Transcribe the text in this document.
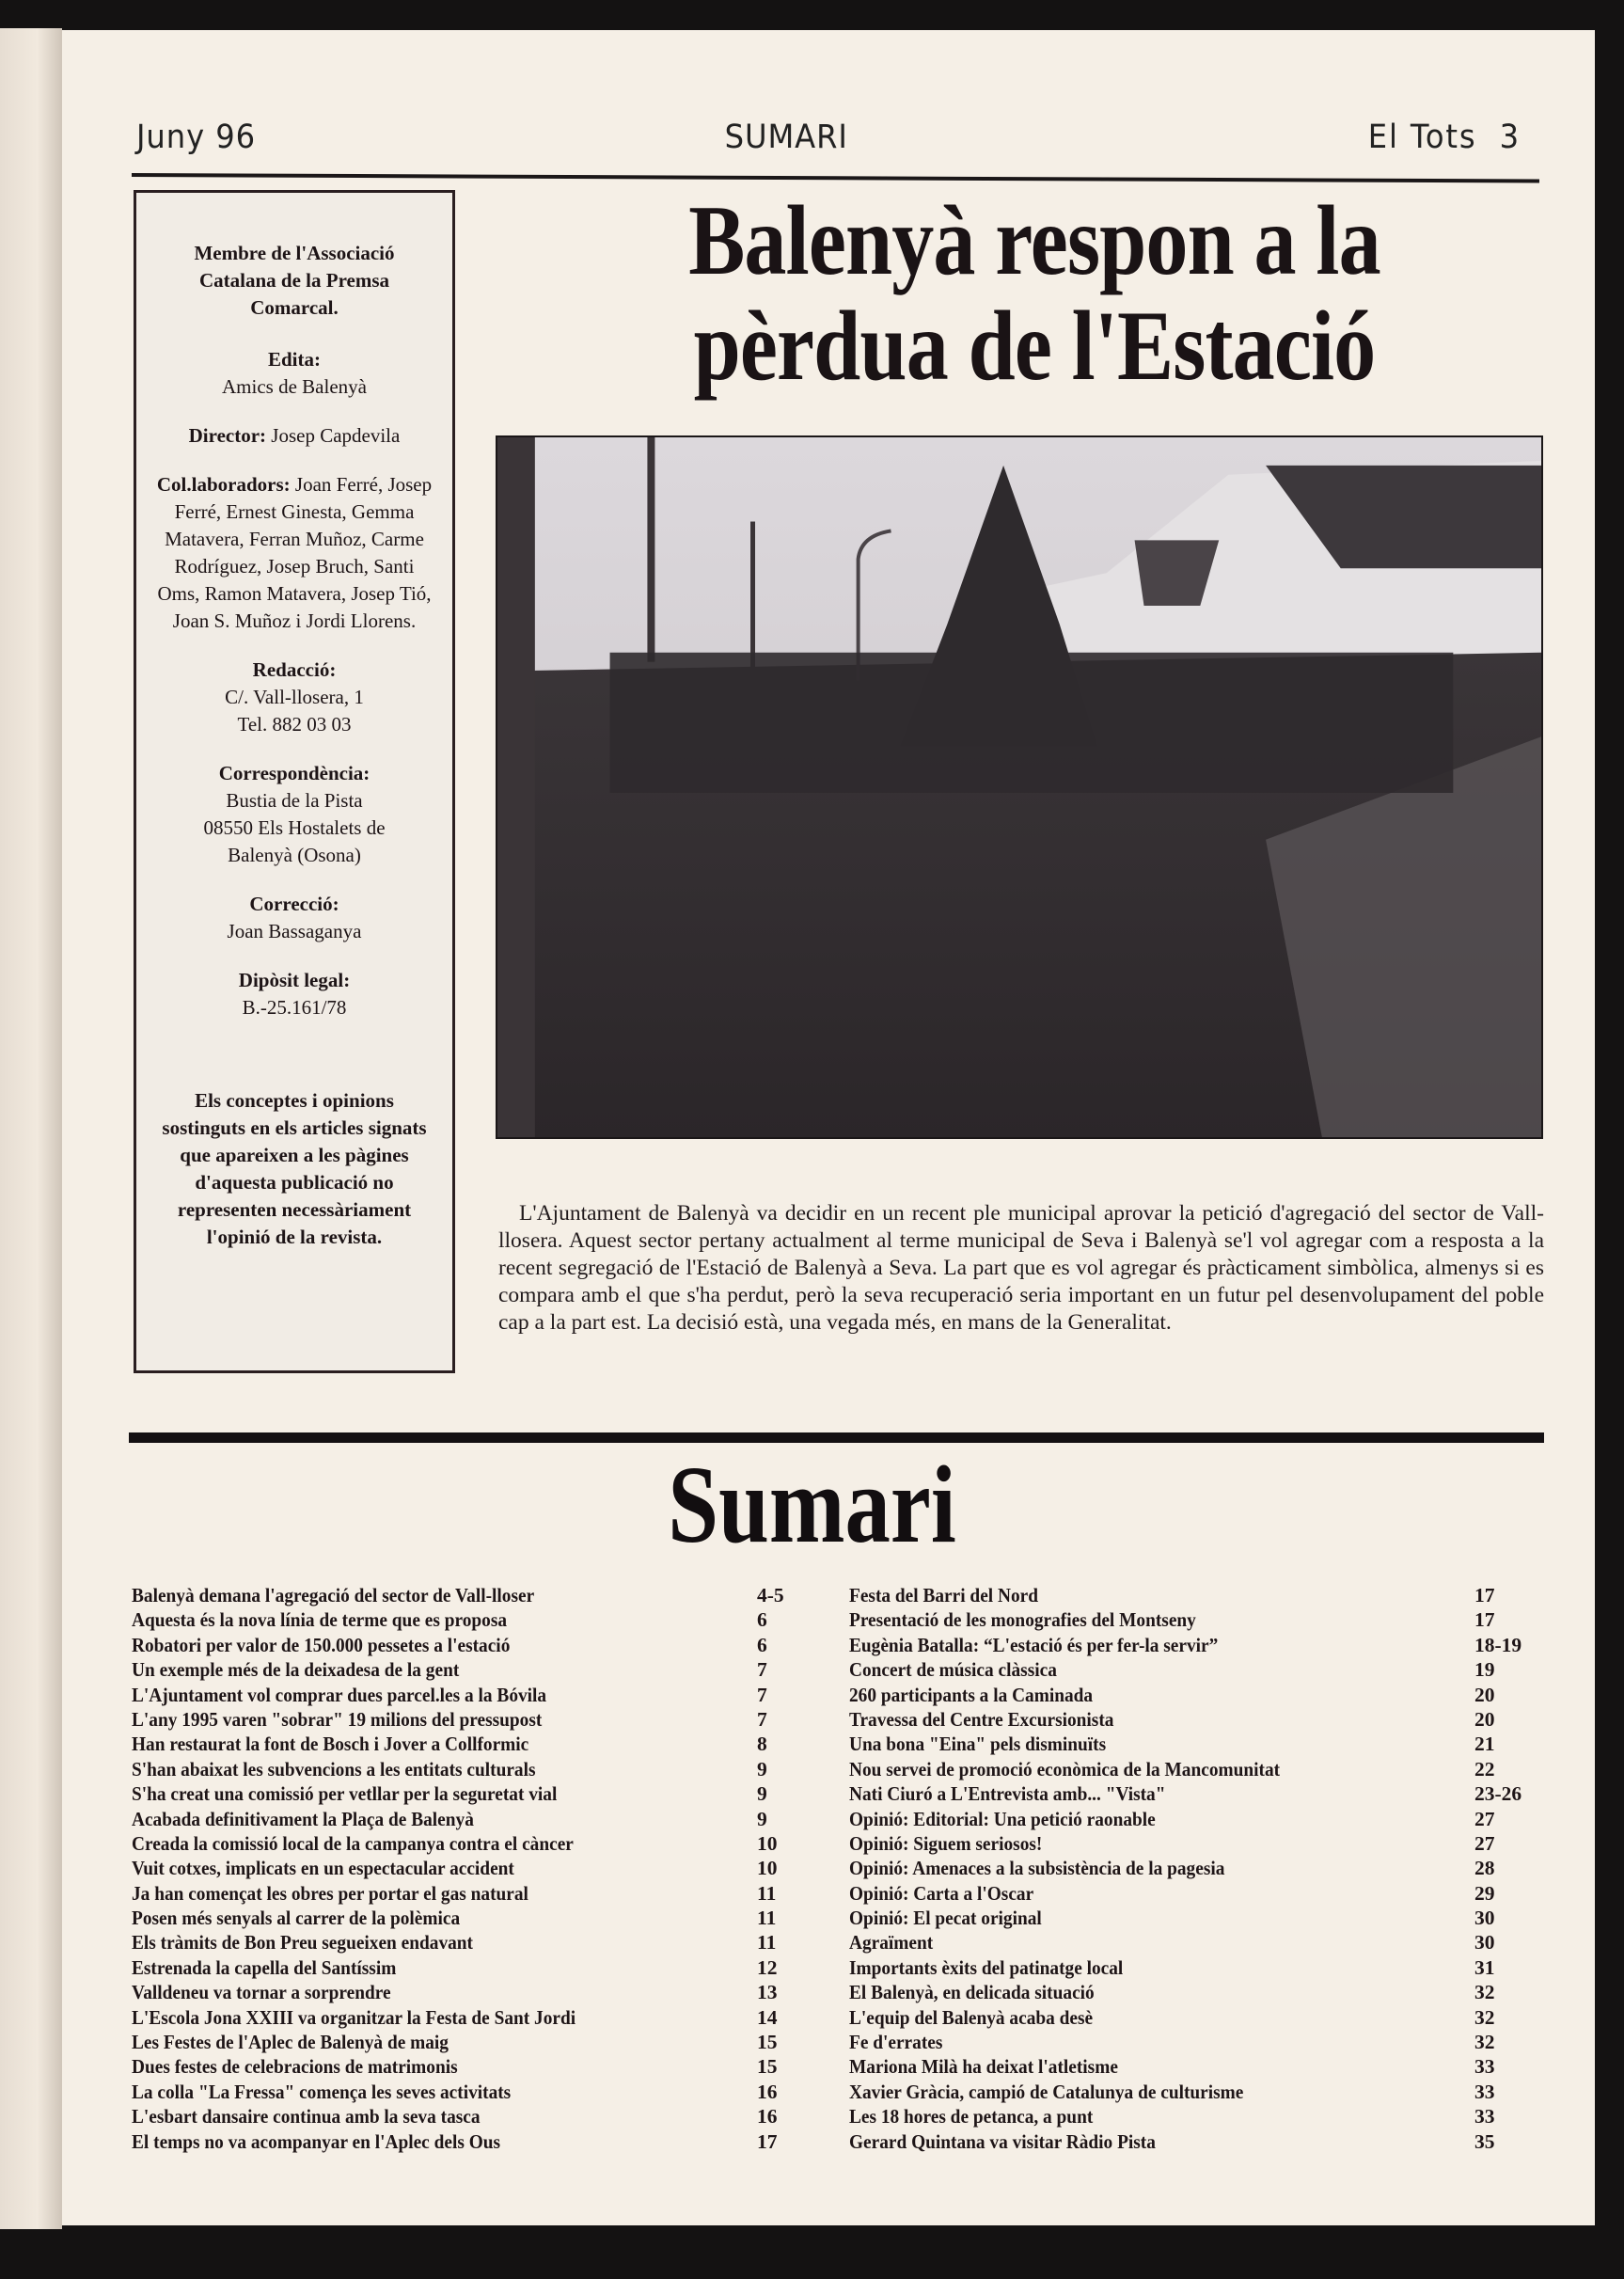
Juny 96	SUMARI	El Tots 3

Membre de l'Associació Catalana de la Premsa Comarcal.

Edita:
Amics de Balenyà

Director: Josep Capdevila

Col.laboradors: Joan Ferré, Josep Ferré, Ernest Ginesta, Gemma Matavera, Ferran Muñoz, Carme Rodríguez, Josep Bruch, Santi Oms, Ramon Matavera, Josep Tió, Joan S. Muñoz i Jordi Llorens.

Redacció:
C/. Vall-llosera, 1
Tel. 882 03 03

Correspondència:
Bustia de la Pista
08550 Els Hostalets de
Balenyà (Osona)

Correcció:
Joan Bassaganya

Dipòsit legal:
B.-25.161/78

Els conceptes i opinions sostinguts en els articles signats que apareixen a les pàgines d'aquesta publicació no representen necessàriament l'opinió de la revista.

Balenyà respon a la
pèrdua de l'Estació
L'Ajuntament de Balenyà va decidir en un recent ple municipal aprovar la petició d'agregació del sector de Vall-llosera. Aquest sector pertany actualment al terme municipal de Seva i Balenyà se'l vol agregar com a resposta a la recent segregació de l'Estació de Balenyà a Seva. La part que es vol agregar és pràcticament simbòlica, almenys si es compara amb el que s'ha perdut, però la seva recuperació seria important en un futur pel desenvolupament del poble cap a la part est. La decisió està, una vegada més, en mans de la Generalitat.
Sumari
Balenyà demana l'agregació del sector de Vall-lloser	4-5
Aquesta és la nova línia de terme que es proposa	6
Robatori per valor de 150.000 pessetes a l'estació	6
Un exemple més de la deixadesa de la gent	7
L'Ajuntament vol comprar dues parcel.les a la Bóvila	7
L'any 1995 varen "sobrar" 19 milions del pressupost	7
Han restaurat la font de Bosch i Jover a Collformic	8
S'han abaixat les subvencions a les entitats culturals	9
S'ha creat una comissió per vetllar per la seguretat vial	9
Acabada definitivament la Plaça de Balenyà	9
Creada la comissió local de la campanya contra el càncer	10
Vuit cotxes, implicats en un espectacular accident	10
Ja han començat les obres per portar el gas natural	11
Posen més senyals al carrer de la polèmica	11
Els tràmits de Bon Preu segueixen endavant	11
Estrenada la capella del Santíssim	12
Valldeneu va tornar a sorprendre	13
L'Escola Jona XXIII va organitzar la Festa de Sant Jordi	14
Les Festes de l'Aplec de Balenyà de maig	15
Dues festes de celebracions de matrimonis	15
La colla "La Fressa" comença les seves activitats	16
L'esbart dansaire continua amb la seva tasca	16
El temps no va acompanyar en l'Aplec dels Ous	17
Festa del Barri del Nord	17
Presentació de les monografies del Montseny	17
Eugènia Batalla: “L'estació és per fer-la servir”	18-19
Concert de música clàssica	19
260 participants a la Caminada	20
Travessa del Centre Excursionista	20
Una bona "Eina" pels disminuïts	21
Nou servei de promoció econòmica de la Mancomunitat	22
Nati Ciuró a L'Entrevista amb... "Vista"	23-26
Opinió: Editorial: Una petició raonable	27
Opinió: Siguem seriosos!	27
Opinió: Amenaces a la subsistència de la pagesia	28
Opinió: Carta a l'Oscar	29
Opinió: El pecat original	30
Agraïment	30
Importants èxits del patinatge local	31
El Balenyà, en delicada situació	32
L'equip del Balenyà acaba desè	32
Fe d'errates	32
Mariona Milà ha deixat l'atletisme	33
Xavier Gràcia, campió de Catalunya de culturisme	33
Les 18 hores de petanca, a punt	33
Gerard Quintana va visitar Ràdio Pista	35
